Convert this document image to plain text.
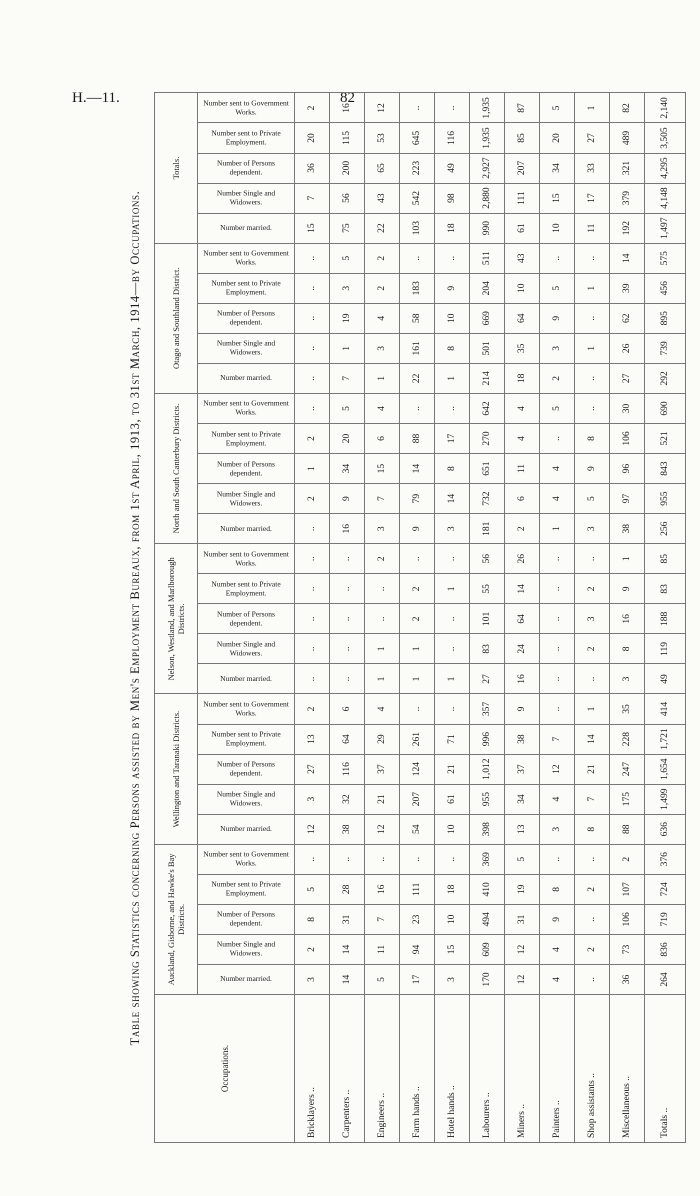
H.—11.	82
Table showing Statistics concerning Persons assisted by Men's Employment Bureaux, from 1st April, 1913, to 31st March, 1914—by Occupations.
Occupations.	Auckland, Gisborne, and Hawke's Bay Districts.					Wellington and Taranaki Districts.					Nelson, Westland, and Marlborough Districts.					North and South Canterbury Districts.					Otago and Southland District.					Totals.				

	Number married.	Number Single and Widowers.	Number of Persons dependent.	Number sent to Private Employment.	Number sent to Government Works.	Number married.	Number Single and Widowers.	Number of Persons dependent.	Number sent to Private Employment.	Number sent to Government Works.	Number married.	Number Single and Widowers.	Number of Persons dependent.	Number sent to Private Employment.	Number sent to Government Works.	Number married.	Number Single and Widowers.	Number of Persons dependent.	Number sent to Private Employment.	Number sent to Government Works.	Number married.	Number Single and Widowers.	Number of Persons dependent.	Number sent to Private Employment.	Number sent to Government Works.	Number married.	Number Single and Widowers.	Number of Persons dependent.	Number sent to Private Employment.	Number sent to Government Works.

Bricklayers ..	3	2	8	5	..	12	3	27	13	2	..	..	..	..	..	..	2	1	2	..	..	..	..	..	..	15	7	36	20	2
Carpenters ..	14	14	31	28	..	38	32	116	64	6	..	..	..	..	..	16	9	34	20	5	7	1	19	3	5	75	56	200	115	16
Engineers ..	5	11	7	16	..	12	21	37	29	4	1	1	..	..	2	3	7	15	6	4	1	3	4	2	2	22	43	65	53	12
Farm hands ..	17	94	23	111	..	54	207	124	261	..	1	1	2	2	..	9	79	14	88	..	22	161	58	183	..	103	542	223	645	..
Hotel hands ..	3	15	10	18	..	10	61	21	71	..	1	..	..	1	..	3	14	8	17	..	1	8	10	9	..	18	98	49	116	..
Labourers ..	170	609	494	410	369	398	955	1,012	996	357	27	83	101	55	56	181	732	651	270	642	214	501	669	204	511	990	2,880	2,927	1,935	1,935
Miners ..	12	12	31	19	5	13	34	37	38	9	16	24	64	14	26	2	6	11	4	4	18	35	64	10	43	61	111	207	85	87
Painters ..	4	4	9	8	..	3	4	12	7	..	..	..	..	..	..	1	4	4	..	5	2	3	9	5	..	10	15	34	20	5
Shop assistants ..	..	2	..	2	..	8	7	21	14	1	..	2	3	2	..	3	5	9	8	..	..	1	..	1	..	11	17	33	27	1
Miscellaneous ..	36	73	106	107	2	88	175	247	228	35	3	8	16	9	1	38	97	96	106	30	27	26	62	39	14	192	379	321	489	82
Totals ..	264	836	719	724	376	636	1,499	1,654	1,721	414	49	119	188	83	85	256	955	843	521	690	292	739	895	456	575	1,497	4,148	4,295	3,505	2,140
